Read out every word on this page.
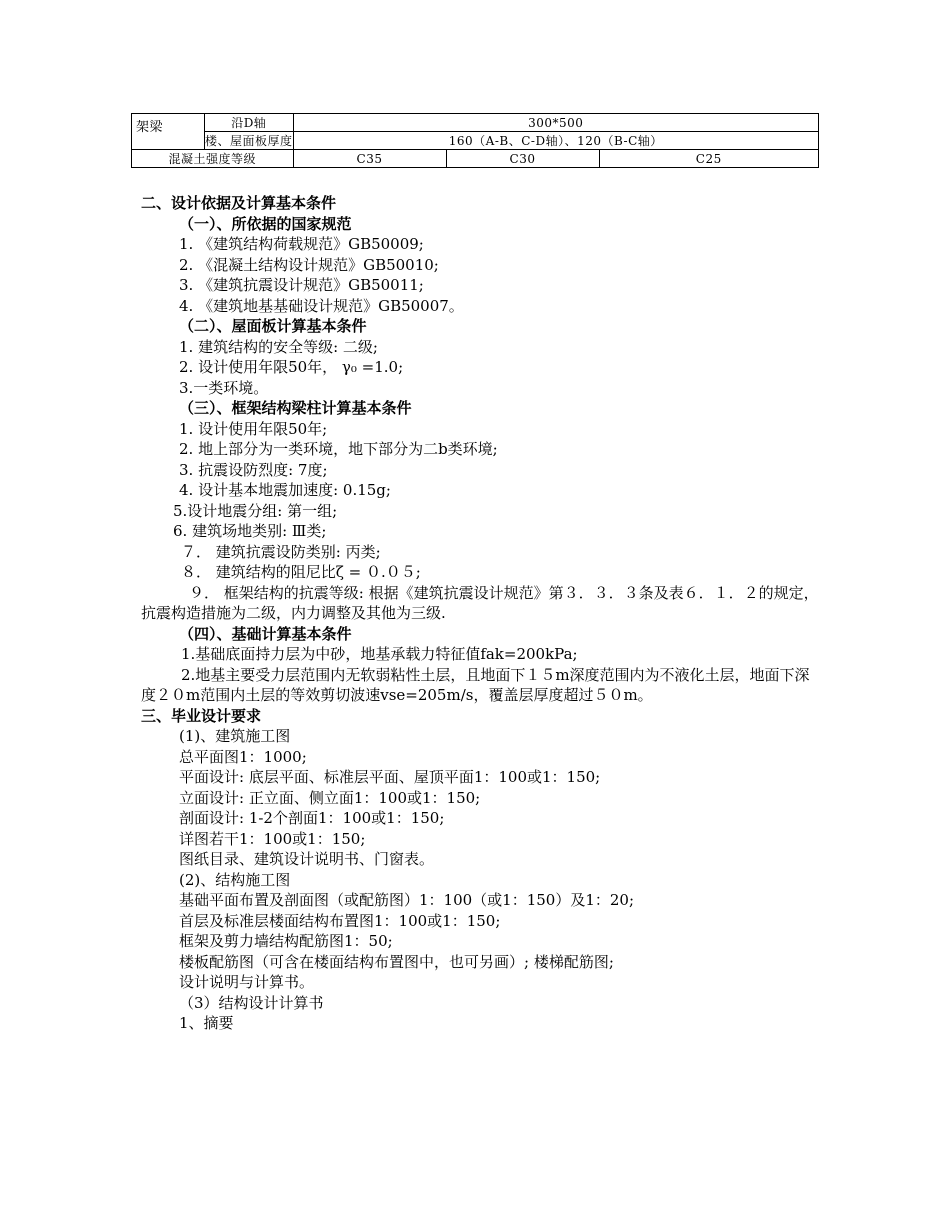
架梁	沿D轴	300*500		
	楼、屋面板厚度	160（A-B、C-D轴）、120（B-C轴）		
混凝土强度等级		C35	C30	C25
二、设计依据及计算基本条件
（一）、所依据的国家规范
1. 《建筑结构荷载规范》GB50009;
2. 《混凝土结构设计规范》GB50010;
3. 《建筑抗震设计规范》GB50011;
4. 《建筑地基基础设计规范》GB50007。
（二）、屋面板计算基本条件
1. 建筑结构的安全等级: 二级;
2. 设计使用年限50年， γ₀ =1.0;
3.一类环境。
（三）、框架结构梁柱计算基本条件
1. 设计使用年限50年;
2. 地上部分为一类环境，地下部分为二b类环境;
3. 抗震设防烈度: 7度;
4. 设计基本地震加速度: 0.15g;
5.设计地震分组: 第一组;
6. 建筑场地类别: Ⅲ类;
７． 建筑抗震设防类别: 丙类;
８． 建筑结构的阻尼比ζ = ０.０５;
９． 框架结构的抗震等级: 根据《建筑抗震设计规范》第３．３．３条及表６．１．２的规定，抗震构造措施为二级，内力调整及其他为三级.
（四）、基础计算基本条件
1.基础底面持力层为中砂，地基承载力特征值fak=200kPa;
2.地基主要受力层范围内无软弱粘性土层，且地面下１５m深度范围内为不液化土层，地面下深度２０m范围内土层的等效剪切波速vse=205m/s，覆盖层厚度超过５０m。
三、毕业设计要求
(1)、建筑施工图
总平面图1：1000;
平面设计: 底层平面、标准层平面、屋顶平面1：100或1：150;
立面设计: 正立面、侧立面1：100或1：150;
剖面设计: 1-2个剖面1：100或1：150;
详图若干1：100或1：150;
图纸目录、建筑设计说明书、门窗表。
(2)、结构施工图
基础平面布置及剖面图（或配筋图）1：100（或1：150）及1：20;
首层及标准层楼面结构布置图1：100或1：150;
框架及剪力墙结构配筋图1：50;
楼板配筋图（可含在楼面结构布置图中，也可另画）; 楼梯配筋图;
设计说明与计算书。
（3）结构设计计算书
1、摘要
